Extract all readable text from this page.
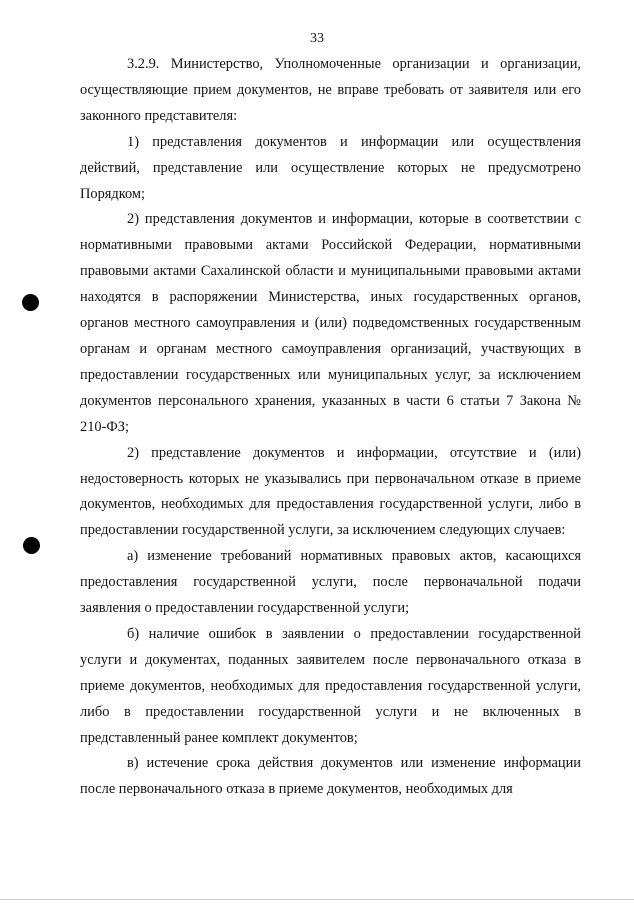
33

3.2.9. Министерство, Уполномоченные организации и организации, осуществляющие прием документов, не вправе требовать от заявителя или его законного представителя:

1) представления документов и информации или осуществления действий, представление или осуществление которых не предусмотрено Порядком;

2) представления документов и информации, которые в соответствии с нормативными правовыми актами Российской Федерации, нормативными правовыми актами Сахалинской области и муниципальными правовыми актами находятся в распоряжении Министерства, иных государственных органов, органов местного самоуправления и (или) подведомственных государственным органам и органам местного самоуправления организаций, участвующих в предоставлении государственных или муниципальных услуг, за исключением документов персонального хранения, указанных в части 6 статьи 7 Закона № 210-ФЗ;

2) представление документов и информации, отсутствие и (или) недостоверность которых не указывались при первоначальном отказе в приеме документов, необходимых для предоставления государственной услуги, либо в предоставлении государственной услуги, за исключением следующих случаев:

а) изменение требований нормативных правовых актов, касающихся предоставления государственной услуги, после первоначальной подачи заявления о предоставлении государственной услуги;

б) наличие ошибок в заявлении о предоставлении государственной услуги и документах, поданных заявителем после первоначального отказа в приеме документов, необходимых для предоставления государственной услуги, либо в предоставлении государственной услуги и не включенных в представленный ранее комплект документов;

в) истечение срока действия документов или изменение информации после первоначального отказа в приеме документов, необходимых для
